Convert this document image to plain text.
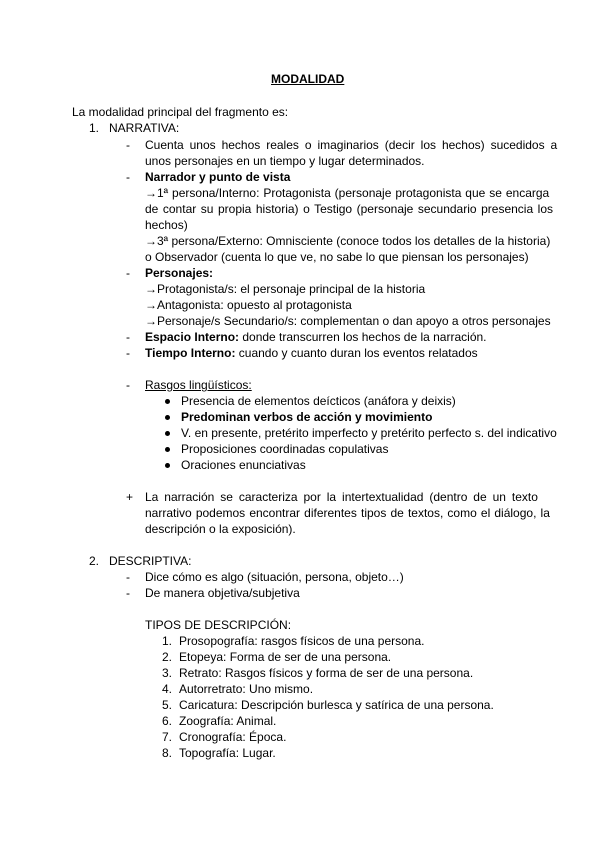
MODALIDAD
La modalidad principal del fragmento es:
1. NARRATIVA:
- Cuenta unos hechos reales o imaginarios (decir los hechos) sucedidos a
unos personajes en un tiempo y lugar determinados.
- Narrador y punto de vista
→1ª persona/Interno: Protagonista (personaje protagonista que se encarga
de contar su propia historia) o Testigo (personaje secundario presencia los
hechos)
→3ª persona/Externo: Omnisciente (conoce todos los detalles de la historia)
o Observador (cuenta lo que ve, no sabe lo que piensan los personajes)
- Personajes:
→Protagonista/s: el personaje principal de la historia
→Antagonista: opuesto al protagonista
→Personaje/s Secundario/s: complementan o dan apoyo a otros personajes
- Espacio Interno: donde transcurren los hechos de la narración.
- Tiempo Interno: cuando y cuanto duran los eventos relatados
- Rasgos lingüísticos:
Presencia de elementos deícticos (anáfora y deixis)
Predominan verbos de acción y movimiento
V. en presente, pretérito imperfecto y pretérito perfecto s. del indicativo
Proposiciones coordinadas copulativas
Oraciones enunciativas
+ La narración se caracteriza por la intertextualidad (dentro de un texto
narrativo podemos encontrar diferentes tipos de textos, como el diálogo, la
descripción o la exposición).
2. DESCRIPTIVA:
- Dice cómo es algo (situación, persona, objeto…)
- De manera objetiva/subjetiva
TIPOS DE DESCRIPCIÓN:
1. Prosopografía: rasgos físicos de una persona.
2. Etopeya: Forma de ser de una persona.
3. Retrato: Rasgos físicos y forma de ser de una persona.
4. Autorretrato: Uno mismo.
5. Caricatura: Descripción burlesca y satírica de una persona.
6. Zoografía: Animal.
7. Cronografía: Época.
8. Topografía: Lugar.
